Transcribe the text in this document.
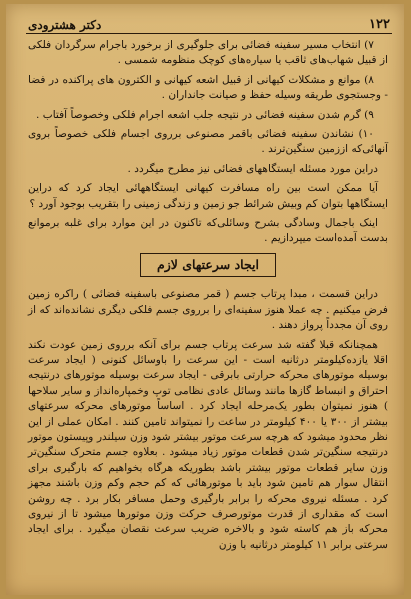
۱۲۲
دکتر هشترودی

۷) انتخاب مسیر سفینه فضائی برای جلوگیری از برخورد باجرام سرگردان فلکی از قبیل شهاب‌های ثاقب یا سیاره‌های کوچک منظومه شمسی .

۸) موانع و مشکلات کیهانی از قبیل اشعه کیهانی و الکترون های پراکنده در فضا - وجستجوی طریقه وسیله حفظ و صیانت جانداران .

۹) گرم شدن سفینه فضائی در نتیجه جلب اشعه اجرام فلکی وخصوصاً آفتاب .

۱۰) نشاندن سفینه فضائی باقمر مصنوعی برروی اجسام فلکی خصوصاً بروی آنهائی‌که اززمین سنگین‌ترند .

دراین مورد مسئله ایستگاههای فضائی نیز مطرح میگردد .

آیا ممکن است بین راه مسافرت کیهانی ایستگاههائی ایجاد کرد که دراین ایستگاهها بتوان کم وبیش شرائط جو زمین و زندگی زمینی را بتقریب بوجود آورد ؟

اینک با‌جمال وسادگی بشرح وسائلی‌که تاکنون در این موارد برای غلبه برموانع بدست آمده‌است میپردازیم .

ایجاد سرعتهای لازم

دراین قسمت ، مبدا پرتاب جسم ( قمر مصنوعی باسفینه فضائی ) راکره زمین فرض میکنیم . چه عملا هنوز سفینه‌ای را برروی جسم فلکی دیگری نشانده‌اند که از روی آن مجدداً پرواز دهند .

همچنانکه قبلا گفته شد سرعت پرتاب جسم برای آنکه برروی زمین عودت نکند اقلا یازده‌کیلومتر درثانیه است - این سرعت را باوسائل کنونی ( ایجاد سرعت بوسیله موتورهای محرکه حرارتی بابرقی - ایجاد سرعت بوسیله موتورهای درنتیجه احتراق و انبساط گازها مانند وسائل عادی نظامی توپ وخمپاره‌انداز و سایر سلاحها ) هنوز نمیتوان بطور یک‌مرحله ایجاد کرد . اساساً موتورهای محرکه سرعتهای بیشتر از ۳۰۰ یا ۴۰۰ کیلومتر در ساعت را نمیتواند تامین کنند . امکان عملی از این نظر محدود میشود که هرچه سرعت موتور بیشتر شود وزن سیلندر وپیستون موتور درنتیجه سنگین‌تر شدن قطعات موتور زیاد میشود . بعلاوه جسم متحرک سنگین‌تر وزن سایر قطعات موتور بیشتر باشد بطوریکه هرگاه بخواهیم که بارگیری برای انتقال سوار هم تامین شود باید با موتورهائی که کم حجم وکم وزن باشند مجهز کرد . مسئله نیروی محرکه را برابر بارگیری وحمل مسافر بکار برد . چه روشن است که مقداری از قدرت موتورصرف حرکت وزن موتورها میشود تا از نیروی محرکه باز هم کاسته شود و بالاخره ضریب سرعت نقصان میگیرد . برای ایجاد سرعتی برابر ۱۱ کیلومتر درثانیه با وزن
